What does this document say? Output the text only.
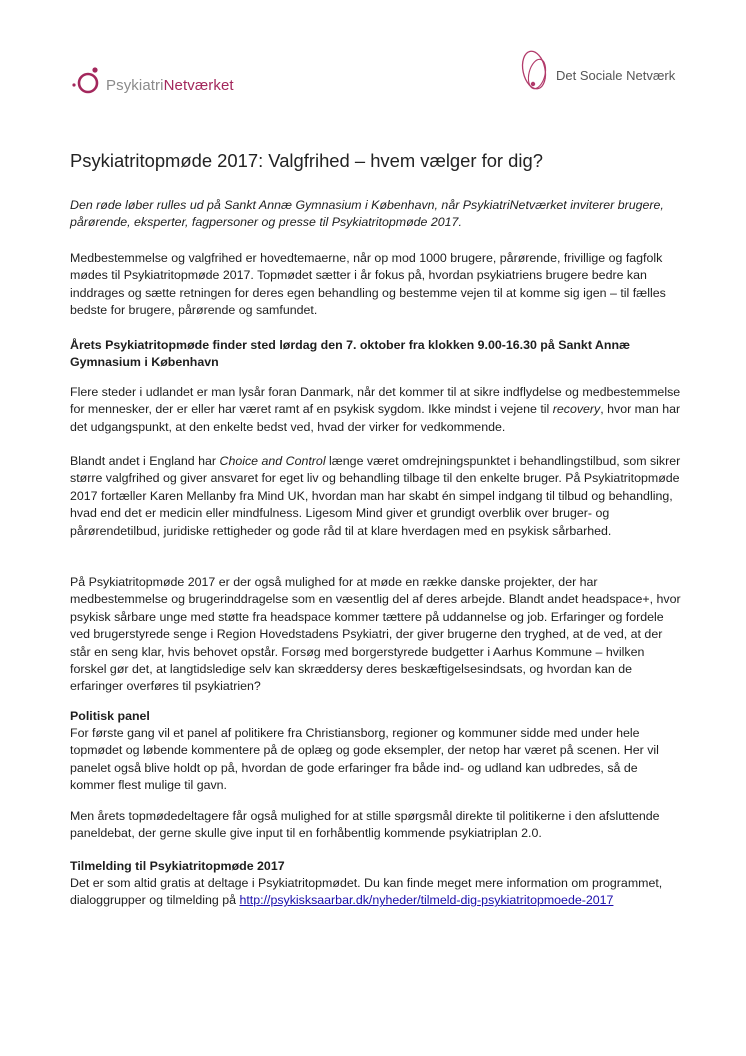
PsykiatriNetværket
Det Sociale Netværk
Psykiatritopmøde 2017: Valgfrihed – hvem vælger for dig?

Den røde løber rulles ud på Sankt Annæ Gymnasium i København, når PsykiatriNetværket inviterer brugere, pårørende, eksperter, fagpersoner og presse til Psykiatritopmøde 2017.

Medbestemmelse og valgfrihed er hovedtemaerne, når op mod 1000 brugere, pårørende, frivillige og fagfolk mødes til Psykiatritopmøde 2017. Topmødet sætter i år fokus på, hvordan psykiatriens brugere bedre kan inddrages og sætte retningen for deres egen behandling og bestemme vejen til at komme sig igen – til fælles bedste for brugere, pårørende og samfundet.

Årets Psykiatritopmøde finder sted lørdag den 7. oktober fra klokken 9.00-16.30 på Sankt Annæ Gymnasium i København

Flere steder i udlandet er man lysår foran Danmark, når det kommer til at sikre indflydelse og medbestemmelse for mennesker, der er eller har været ramt af en psykisk sygdom. Ikke mindst i vejene til recovery, hvor man har det udgangspunkt, at den enkelte bedst ved, hvad der virker for vedkommende.

Blandt andet i England har Choice and Control længe været omdrejningspunktet i behandlingstilbud, som sikrer større valgfrihed og giver ansvaret for eget liv og behandling tilbage til den enkelte bruger. På Psykiatritopmøde 2017 fortæller Karen Mellanby fra Mind UK, hvordan man har skabt én simpel indgang til tilbud og behandling, hvad end det er medicin eller mindfulness. Ligesom Mind giver et grundigt overblik over bruger- og pårørendetilbud, juridiske rettigheder og gode råd til at klare hverdagen med en psykisk sårbarhed.

På Psykiatritopmøde 2017 er der også mulighed for at møde en række danske projekter, der har medbestemmelse og brugerinddragelse som en væsentlig del af deres arbejde. Blandt andet headspace+, hvor psykisk sårbare unge med støtte fra headspace kommer tættere på uddannelse og job. Erfaringer og fordele ved brugerstyrede senge i Region Hovedstadens Psykiatri, der giver brugerne den tryghed, at de ved, at der står en seng klar, hvis behovet opstår. Forsøg med borgerstyrede budgetter i Aarhus Kommune – hvilken forskel gør det, at langtidsledige selv kan skræddersy deres beskæftigelsesindsats, og hvordan kan de erfaringer overføres til psykiatrien?

Politisk panel

For første gang vil et panel af politikere fra Christiansborg, regioner og kommuner sidde med under hele topmødet og løbende kommentere på de oplæg og gode eksempler, der netop har været på scenen. Her vil panelet også blive holdt op på, hvordan de gode erfaringer fra både ind- og udland kan udbredes, så de kommer flest mulige til gavn.

Men årets topmødedeltagere får også mulighed for at stille spørgsmål direkte til politikerne i den afsluttende paneldebat, der gerne skulle give input til en forhåbentlig kommende psykiatriplan 2.0.

Tilmelding til Psykiatritopmøde 2017

Det er som altid gratis at deltage i Psykiatritopmødet. Du kan finde meget mere information om programmet, dialoggrupper og tilmelding på http://psykisksaarbar.dk/nyheder/tilmeld-dig-psykiatritopmoede-2017
